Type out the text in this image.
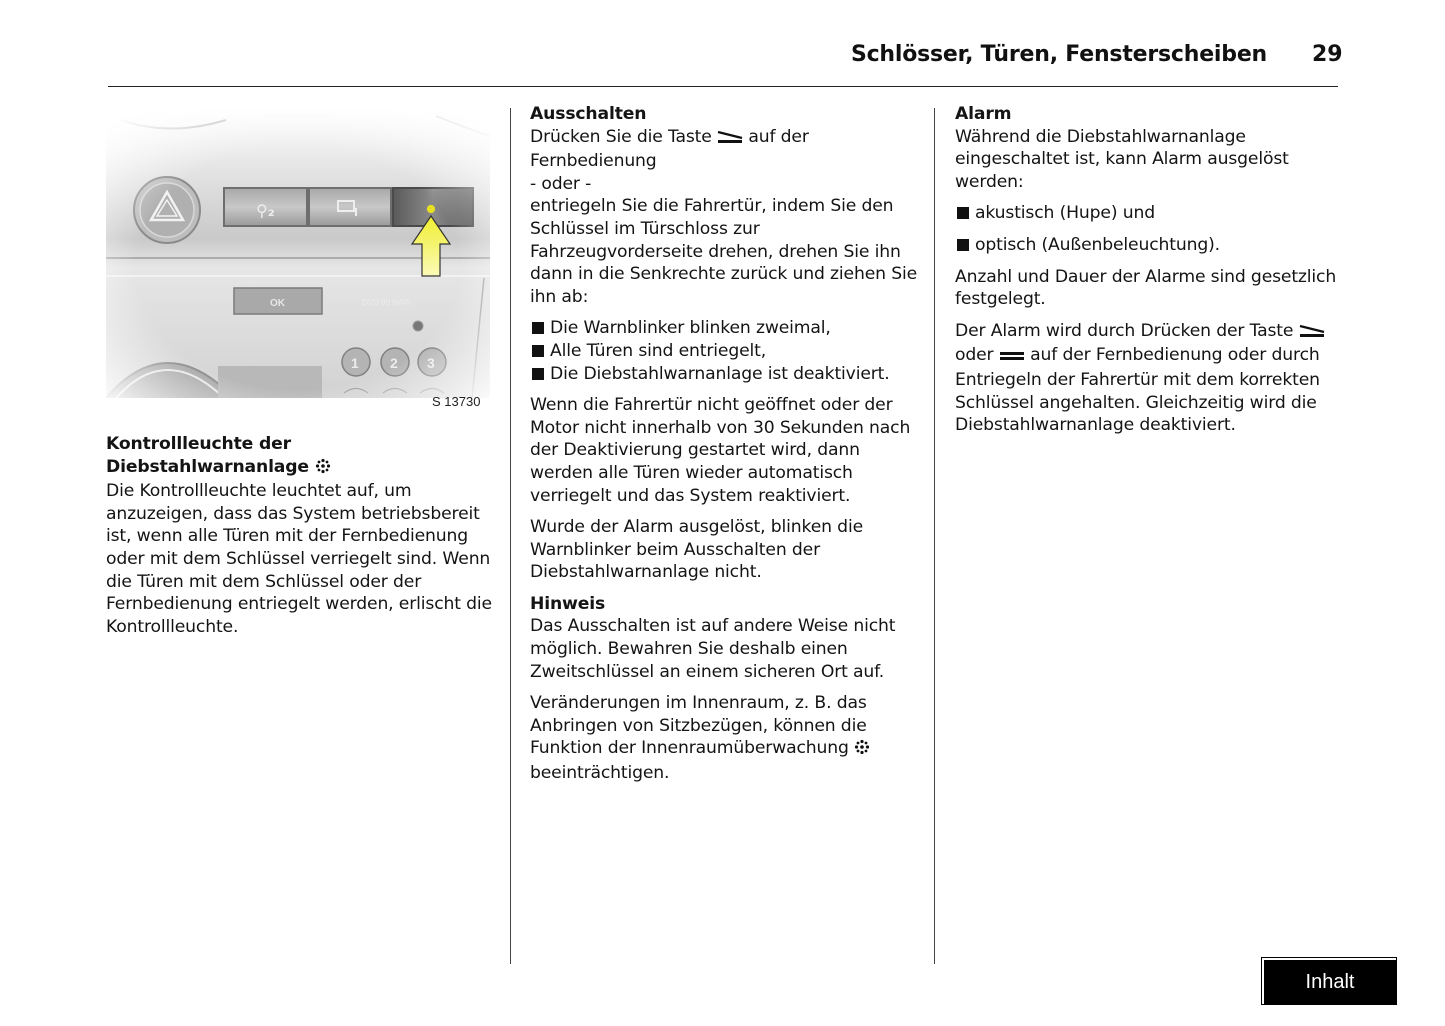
Schlösser, Türen, Fensterscheiben 29
S 13730
Kontrollleuchte der
Diebstahlwarnanlage

Die Kontrollleuchte leuchtet auf, um anzuzeigen, dass das System betriebsbereit ist, wenn alle Türen mit der Fernbedienung oder mit dem Schlüssel verriegelt sind. Wenn die Türen mit dem Schlüssel oder der Fernbedienung entriegelt werden, erlischt die Kontrollleuchte.

Ausschalten
Drücken Sie die Taste auf der Fernbedienung
- oder -

entriegeln Sie die Fahrertür, indem Sie den Schlüssel im Türschloss zur Fahrzeugvorderseite drehen, drehen Sie ihn dann in die Senkrechte zurück und ziehen Sie ihn ab:

Die Warnblinker blinken zweimal,
Alle Türen sind entriegelt,
Die Diebstahlwarnanlage ist deaktiviert.

Wenn die Fahrertür nicht geöffnet oder der Motor nicht innerhalb von 30 Sekunden nach der Deaktivierung gestartet wird, dann werden alle Türen wieder automatisch verriegelt und das System reaktiviert.

Wurde der Alarm ausgelöst, blinken die Warnblinker beim Ausschalten der Diebstahlwarnanlage nicht.

Hinweis

Das Ausschalten ist auf andere Weise nicht möglich. Bewahren Sie deshalb einen Zweitschlüssel an einem sicheren Ort auf.

Veränderungen im Innenraum, z. B. das Anbringen von Sitzbezügen, können die Funktion der Innenraumüberwachung  beeinträchtigen.

Alarm

Während die Diebstahlwarnanlage eingeschaltet ist, kann Alarm ausgelöst werden:

akustisch (Hupe) und
optisch (Außenbeleuchtung).

Anzahl und Dauer der Alarme sind gesetzlich festgelegt.

Der Alarm wird durch Drücken der Taste  oder auf der Fernbedienung oder durch Entriegeln der Fahrertür mit dem korrekten Schlüssel angehalten. Gleichzeitig wird die Diebstahlwarnanlage deaktiviert.

Inhalt
